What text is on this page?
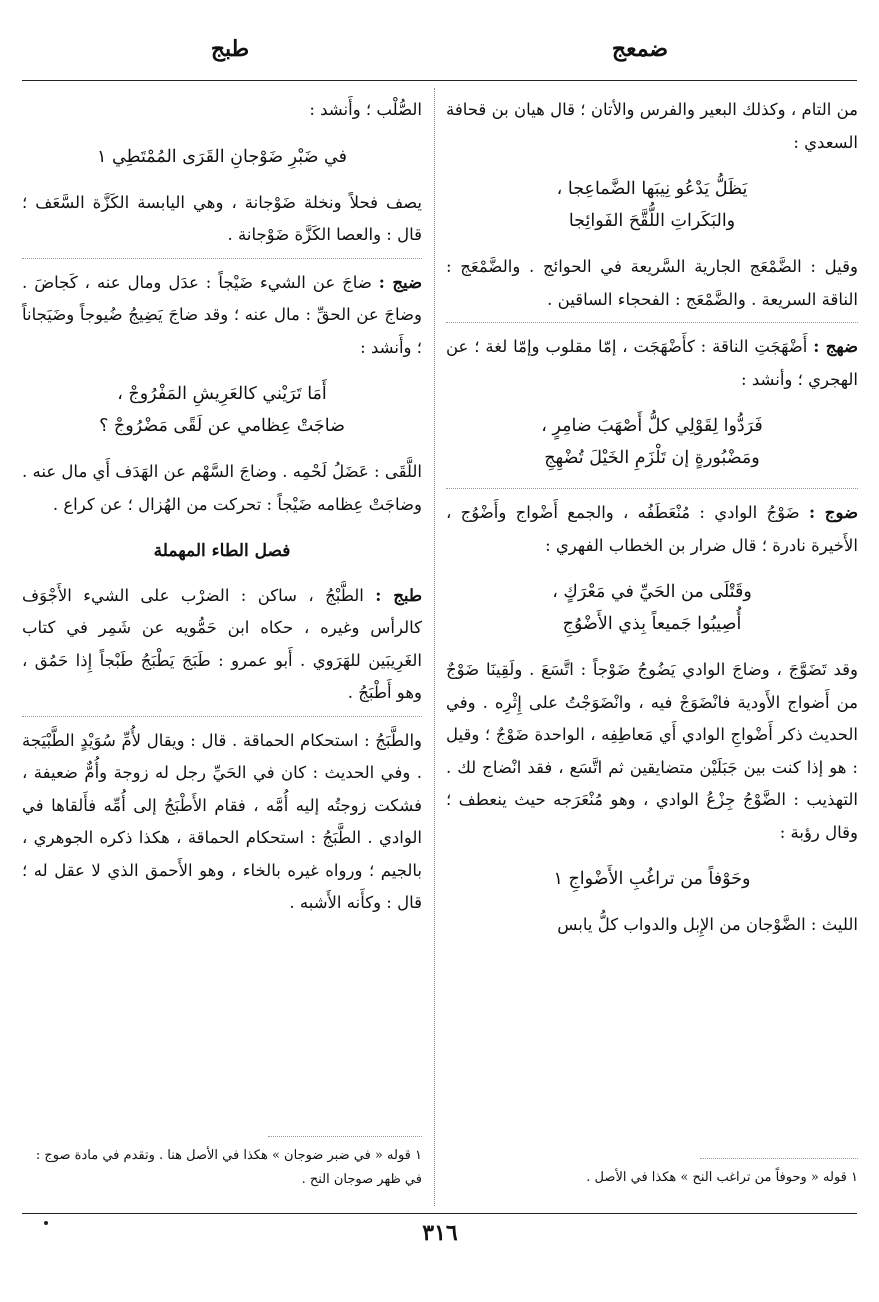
ضمعج
طبج

من التام ، وكذلك البعير والفرس والأتان ؛ قال هيان بن قحافة السعدي :

يَظَلُّ يَدْعُو نِيبَها الضَّماعِجا ،
والبَكَراتِ اللُّقَّحَ الفَوائِجا

وقيل : الضَّمْعَج الجارية السَّريعة في الحوائج . والضَّمْعَج : الناقة السريعة . والضَّمْعَج : الفحجاء الساقين .

ضهج : أَضْهَجَتِ الناقة : كأَضْهَجَت ، إمّا مقلوب وإمّا لغة ؛ عن الهجري ؛ وأنشد :

فَرَدُّوا لِقَوْلِي كلُّ أَصْهَبَ ضامِرٍ ،
ومَضْبُورةٍ إن تَلْزَمِ الخَيْلَ تُضْهِجِ

ضوج : ضَوْجُ الوادي : مُنْعَطَفُه ، والجمع أَضْواج وأَضْوُج ، الأَخيرة نادرة ؛ قال ضرار بن الخطاب الفهري :

وقَتْلَى من الحَيِّ في مَعْرَكٍ ،
أُصِيبُوا جَميعاً بِذي الأَضْوُجِ

وقد تَضَوَّجَ ، وضاجَ الوادي يَضُوجُ ضَوْجاً : اتَّسَعَ . ولَقِينَا ضَوْجٌ من أَضواج الأَودية فانْضَوَجْ فيه ، وانْضَوَجْتُ على إِثْرِه . وفي الحديث ذكر أَضْواجِ الوادي أَي مَعاطِفِه ، الواحدة ضَوْجٌ ؛ وقيل : هو إذا كنت بين جَبَلَيْن متضايقين ثم اتَّسَع ، فقد انْضاج لك . التهذيب : الضَّوْجُ جِزْعُ الوادي ، وهو مُنْعَرَجه حيث ينعطف ؛ وقال رؤبة :

وحَوْفاً من تراغُبِ الأَضْواجِ ١

الليث : الضَّوْجان من الإِبل والدواب كلُّ يابس

الصُّلْب ؛ وأَنشد :

في ضَبْرِ ضَوْجانِ القَرَى المُمْتَطِي ١

يصف فحلاً ونخلة ضَوْجانة ، وهي اليابسة الكَزَّة السَّعَف ؛ قال : والعصا الكَزَّة ضَوْجانة .

ضيج : ضاجَ عن الشيء ضَيْجاً : عدَل ومال عنه ، كَجاضَ . وضاجَ عن الحقِّ : مال عنه ؛ وقد ضاجَ يَضِيجُ ضُيوجاً وضَيَجاناً ؛ وأَنشد :

أَمَا تَرَيْني كالعَرِيشِ المَفْرُوجْ ،
ضاجَتْ عِظامي عن لَقًى مَضْرُوجْ ؟

اللَّقَى : عَضَلُ لَحْمِه . وضاجَ السَّهْم عن الهَدَف أَي مال عنه . وضاجَتْ عِظامه ضَيْجاً : تحركت من الهُزال ؛ عن كراع .

فصل الطاء المهملة

طبج : الطَّبْجُ ، ساكن : الضرْب على الشيء الأَجْوَف كالرأس وغيره ، حكاه ابن حَمُّويه عن شَمِر في كتاب الغَرِيبَين للهَرَوي . أَبو عمرو : طَبَجَ يَطْبَجُ طَبْجاً إِذا حَمُق ، وهو أَطْبَجُ .

والطَّبَجُ : استحكام الحماقة . قال : ويقال لأُمِّ سُوَيْدٍ الطَّبْيَجة . وفي الحديث : كان في الحَيِّ رجل له زوجة وأُمٌّ ضعيفة ، فشكت زوجتُه إليه أُمَّه ، فقام الأَطْبَجُ إلى أُمِّه فأَلقاها في الوادي . الطَّبَجُ : استحكام الحماقة ، هكذا ذكره الجوهري ، بالجيم ؛ ورواه غيره بالخاء ، وهو الأَحمق الذي لا عقل له ؛ قال : وكأَنه الأَشبه .

١ قوله « في ضبر ضوجان » هكذا في الأصل هنا . وتقدم في مادة صوج : في ظهر صوجان النح .	١ قوله « وحوفاً من تراغب النح » هكذا في الأصل .
٣١٦
